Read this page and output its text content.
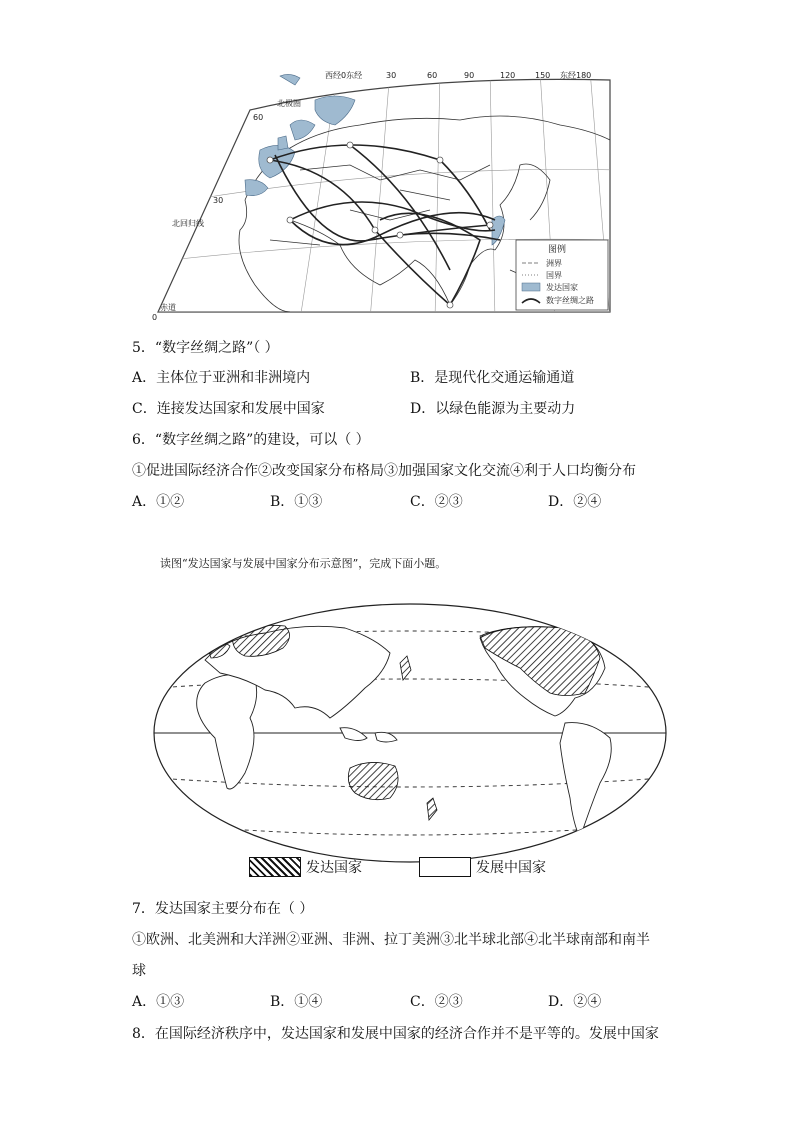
西经0东经	30	60	90	120 150 东经180
北极圈
60
30
北回归线
赤道
0
图例
洲界
国界
发达国家
数字丝绸之路
5．“数字丝绸之路”（ ）
A．主体位于亚洲和非洲境内	B．是现代化交通运输通道
C．连接发达国家和发展中国家	D．以绿色能源为主要动力
6．“数字丝绸之路”的建设，可以（ ）
①促进国际经济合作②改变国家分布格局③加强国家文化交流④利于人口均衡分布
A．①②	B．①③	C．②③	D．②④
读图“发达国家与发展中国家分布示意图”，完成下面小题。
发达国家	发展中国家
7．发达国家主要分布在（ ）
①欧洲、北美洲和大洋洲②亚洲、非洲、拉丁美洲③北半球北部④北半球南部和南半
球
A．①③	B．①④	C．②③	D．②④
8．在国际经济秩序中，发达国家和发展中国家的经济合作并不是平等的。发展中国家
